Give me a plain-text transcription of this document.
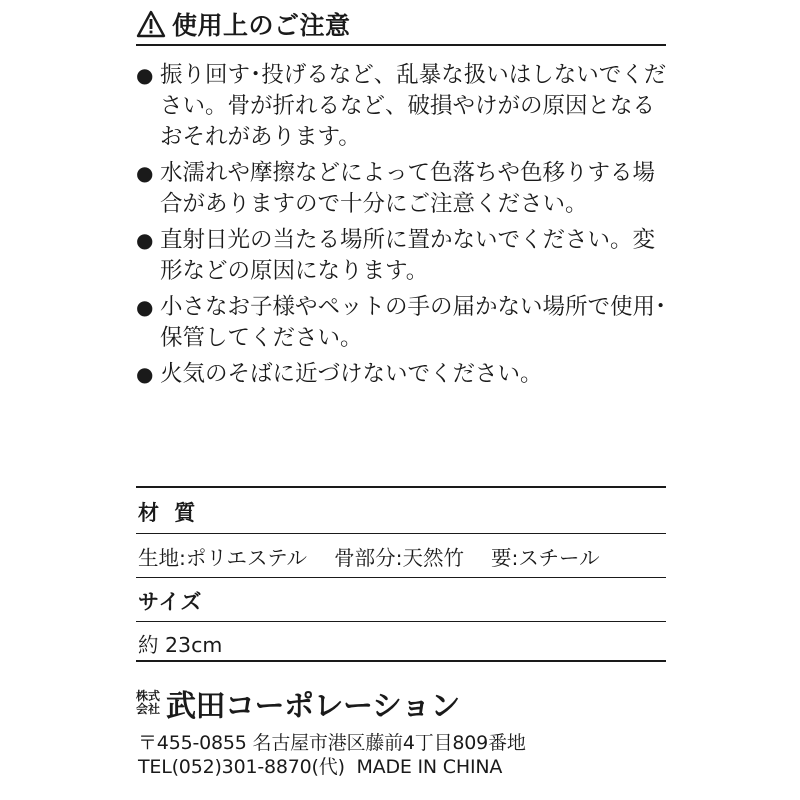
使用上のご注意
● 振り回す･投げるなど、乱暴な扱いはしないでください。骨が折れるなど、破損やけがの原因となるおそれがあります。
● 水濡れや摩擦などによって色落ちや色移りする場合がありますので十分にご注意ください。
● 直射日光の当たる場所に置かないでください。変形などの原因になります。
● 小さなお子様やペットの手の届かない場所で使用･保管してください。
● 火気のそばに近づけないでください。
材 質
生地:ポリエステル　 骨部分:天然竹　 要:スチール
サイズ
約 23cm
株式
会社 武田コーポレーション
〒455-0855 名古屋市港区藤前4丁目809番地
TEL(052)301-8870(代)  MADE IN CHINA
